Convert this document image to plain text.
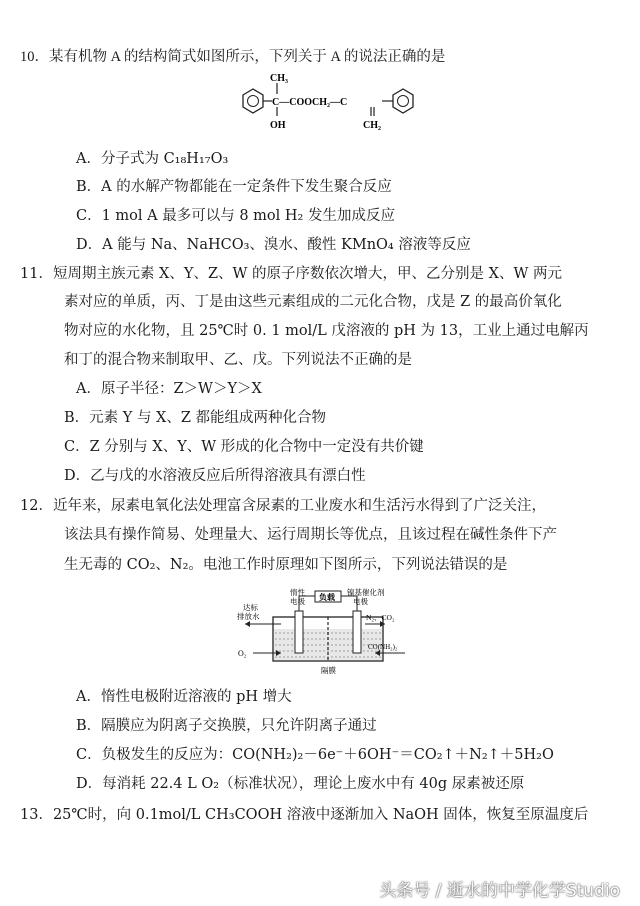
10．某有机物 A 的结构简式如图所示，下列关于 A 的说法正确的是
CH₃
C—COOCH₂—C
OH	CH₂
A．分子式为 C₁₈H₁₇O₃
B．A 的水解产物都能在一定条件下发生聚合反应
C．1 mol A 最多可以与 8 mol H₂ 发生加成反应
D．A 能与 Na、NaHCO₃、溴水、酸性 KMnO₄ 溶液等反应
11．短周期主族元素 X、Y、Z、W 的原子序数依次增大，甲、乙分别是 X、W 两元
素对应的单质，丙、丁是由这些元素组成的二元化合物，戊是 Z 的最高价氧化
物对应的水化物，且 25℃时 0. 1 mol/L 戊溶液的 pH 为 13，工业上通过电解丙
和丁的混合物来制取甲、乙、戊。下列说法不正确的是
A．原子半径：Z＞W＞Y＞X
B．元素 Y 与 X、Z 都能组成两种化合物
C．Z 分别与 X、Y、W 形成的化合物中一定没有共价键
D．乙与戊的水溶液反应后所得溶液具有漂白性
12．近年来，尿素电氧化法处理富含尿素的工业废水和生活污水得到了广泛关注，
该法具有操作简易、处理量大、运行周期长等优点，且该过程在碱性条件下产
生无毒的 CO₂、N₂。电池工作时原理如下图所示，下列说法错误的是
负载
惰性
电极
镍基催化剂
电极
达标
排放水	N₂、CO₂
O₂
CO(NH₂)₂
隔膜
A．惰性电极附近溶液的 pH 增大
B．隔膜应为阴离子交换膜，只允许阴离子通过
C．负极发生的反应为：CO(NH₂)₂－6e⁻＋6OH⁻＝CO₂↑＋N₂↑＋5H₂O
D．每消耗 22.4 L O₂（标准状况），理论上废水中有 40g 尿素被还原
13．25℃时，向 0.1mol/L CH₃COOH 溶液中逐渐加入 NaOH 固体，恢复至原温度后
头条号 / 逝水的中学化学Studio
